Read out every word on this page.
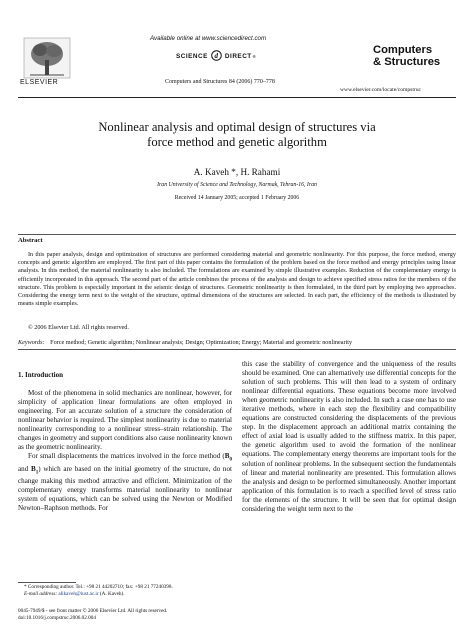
ELSEVIER
Available online at www.sciencedirect.com
SCIENCE d DIRECT ®
Computers and Structures 84 (2006) 770–778
Computers
& Structures
www.elsevier.com/locate/compstruc
Nonlinear analysis and optimal design of structures via
force method and genetic algorithm
A. Kaveh *, H. Rahami
Iran University of Science and Technology, Narmak, Tehran-16, Iran
Received 14 January 2005; accepted 1 February 2006
Abstract
In this paper analysis, design and optimization of structures are performed considering material and geometric nonlinearity. For this purpose, the force method, energy concepts and genetic algorithm are employed. The first part of this paper contains the formulation of the problem based on the force method and energy principles using linear analysis. In this method, the material nonlinearity is also included. The formulations are examined by simple illustrative examples. Reduction of the complementary energy is efficiently incorporated in this approach. The second part of the article combines the process of the analysis and design to achieve specified stress ratios for the members of the structure. This problem is especially important in the seismic design of structures. Geometric nonlinearity is then formulated, in the third part by employing two approaches. Considering the energy term next to the weight of the structure, optimal dimensions of the structures are selected. In each part, the efficiency of the methods is illustrated by means simple examples.
© 2006 Elsevier Ltd. All rights reserved.
Keywords: Force method; Genetic algorithm; Nonlinear analysis; Design; Optimization; Energy; Material and geometric nonlinearity
1. Introduction
Most of the phenomena in solid mechanics are nonlinear, however, for simplicity of application linear formulations are often employed in engineering. For an accurate solution of a structure the consideration of nonlinear behavior is required. The simplest nonlinearity is due to material nonlinearity corresponding to a nonlinear stress–strain relationship. The changes in geometry and support conditions also cause nonlinearity known as the geometric nonlinearity.
For small displacements the matrices involved in the force method ($B_0$ and $B_1$) which are based on the initial geometry of the structure, do not change making this method attractive and efficient. Minimization of the complementary energy transforms material nonlinearity to nonlinear system of equations, which can be solved using the Newton or Modified Newton–Raphson methods. For
* Corresponding author. Tel.: +98 21 44202710; fax: +98 21 77240398.
E-mail address: alikaveh@iust.ac.ir (A. Kaveh).
0045-7949/$ - see front matter © 2006 Elsevier Ltd. All rights reserved.
doi:10.1016/j.compstruc.2006.02.004
this case the stability of convergence and the uniqueness of the results should be examined. One can alternatively use differential concepts for the solution of such problems. This will then lead to a system of ordinary nonlinear differential equations. These equations become more involved when geometric nonlinearity is also included. In such a case one has to use iterative methods, where in each step the flexibility and compatibility equations are constructed considering the displacements of the previous step. In the displacement approach an additional matrix containing the effect of axial load is usually added to the stiffness matrix. In this paper, the genetic algorithm used to avoid the formation of the nonlinear equations. The complementary energy theorems are important tools for the solution of nonlinear problems. In the subsequent section the fundamentals of linear and material nonlinearity are presented. This formulation allows the analysis and design to be performed simultaneously. Another important application of this formulation is to reach a specified level of stress ratio for the elements of the structure. It will be seen that for optimal design considering the weight term next to the
